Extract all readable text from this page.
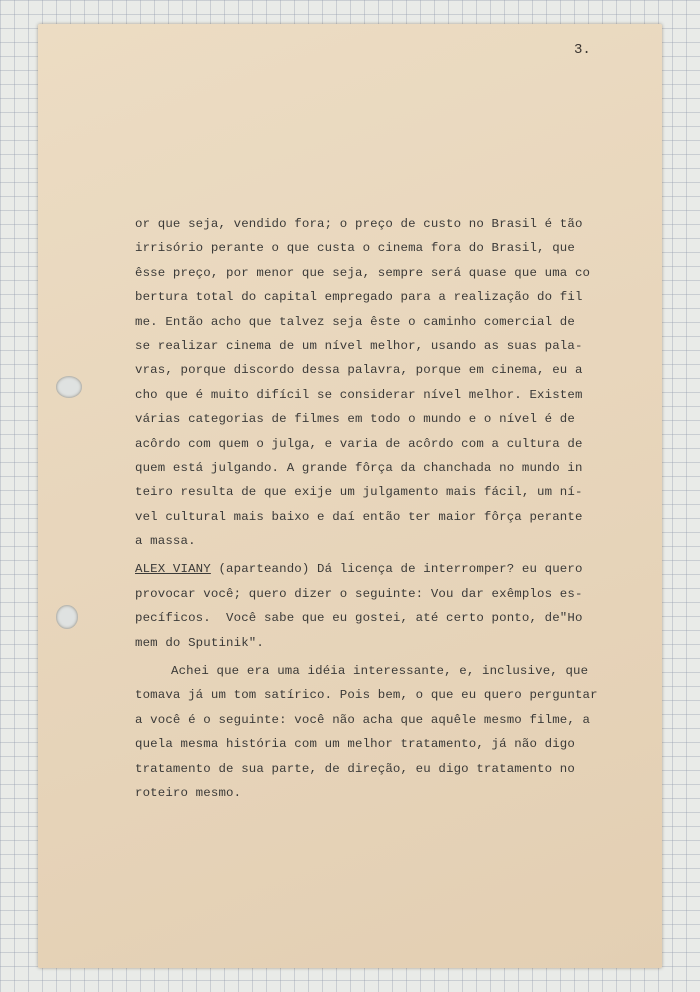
3.
or que seja, vendido fora; o preço de custo no Brasil é tão
irrisório perante o que custa o cinema fora do Brasil, que
êsse preço, por menor que seja, sempre será quase que uma co
bertura total do capital empregado para a realização do fil
me. Então acho que talvez seja êste o caminho comercial de
se realizar cinema de um nível melhor, usando as suas pala-
vras, porque discordo dessa palavra, porque em cinema, eu a
cho que é muito difícil se considerar nível melhor. Existem
várias categorias de filmes em todo o mundo e o nível é de
acôrdo com quem o julga, e varia de acôrdo com a cultura de
quem está julgando. A grande fôrça da chanchada no mundo in
teiro resulta de que exije um julgamento mais fácil, um ní-
vel cultural mais baixo e daí então ter maior fôrça perante
a massa.
ALEX VIANY (aparteando) Dá licença de interromper? eu quero
provocar você; quero dizer o seguinte: Vou dar exêmplos es-
pecíficos.  Você sabe que eu gostei, até certo ponto, de"Ho
mem do Sputinik".
Achei que era uma idéia interessante, e, inclusive, que
tomava já um tom satírico. Pois bem, o que eu quero perguntar
a você é o seguinte: você não acha que aquêle mesmo filme, a
quela mesma história com um melhor tratamento, já não digo
tratamento de sua parte, de direção, eu digo tratamento no
roteiro mesmo.
